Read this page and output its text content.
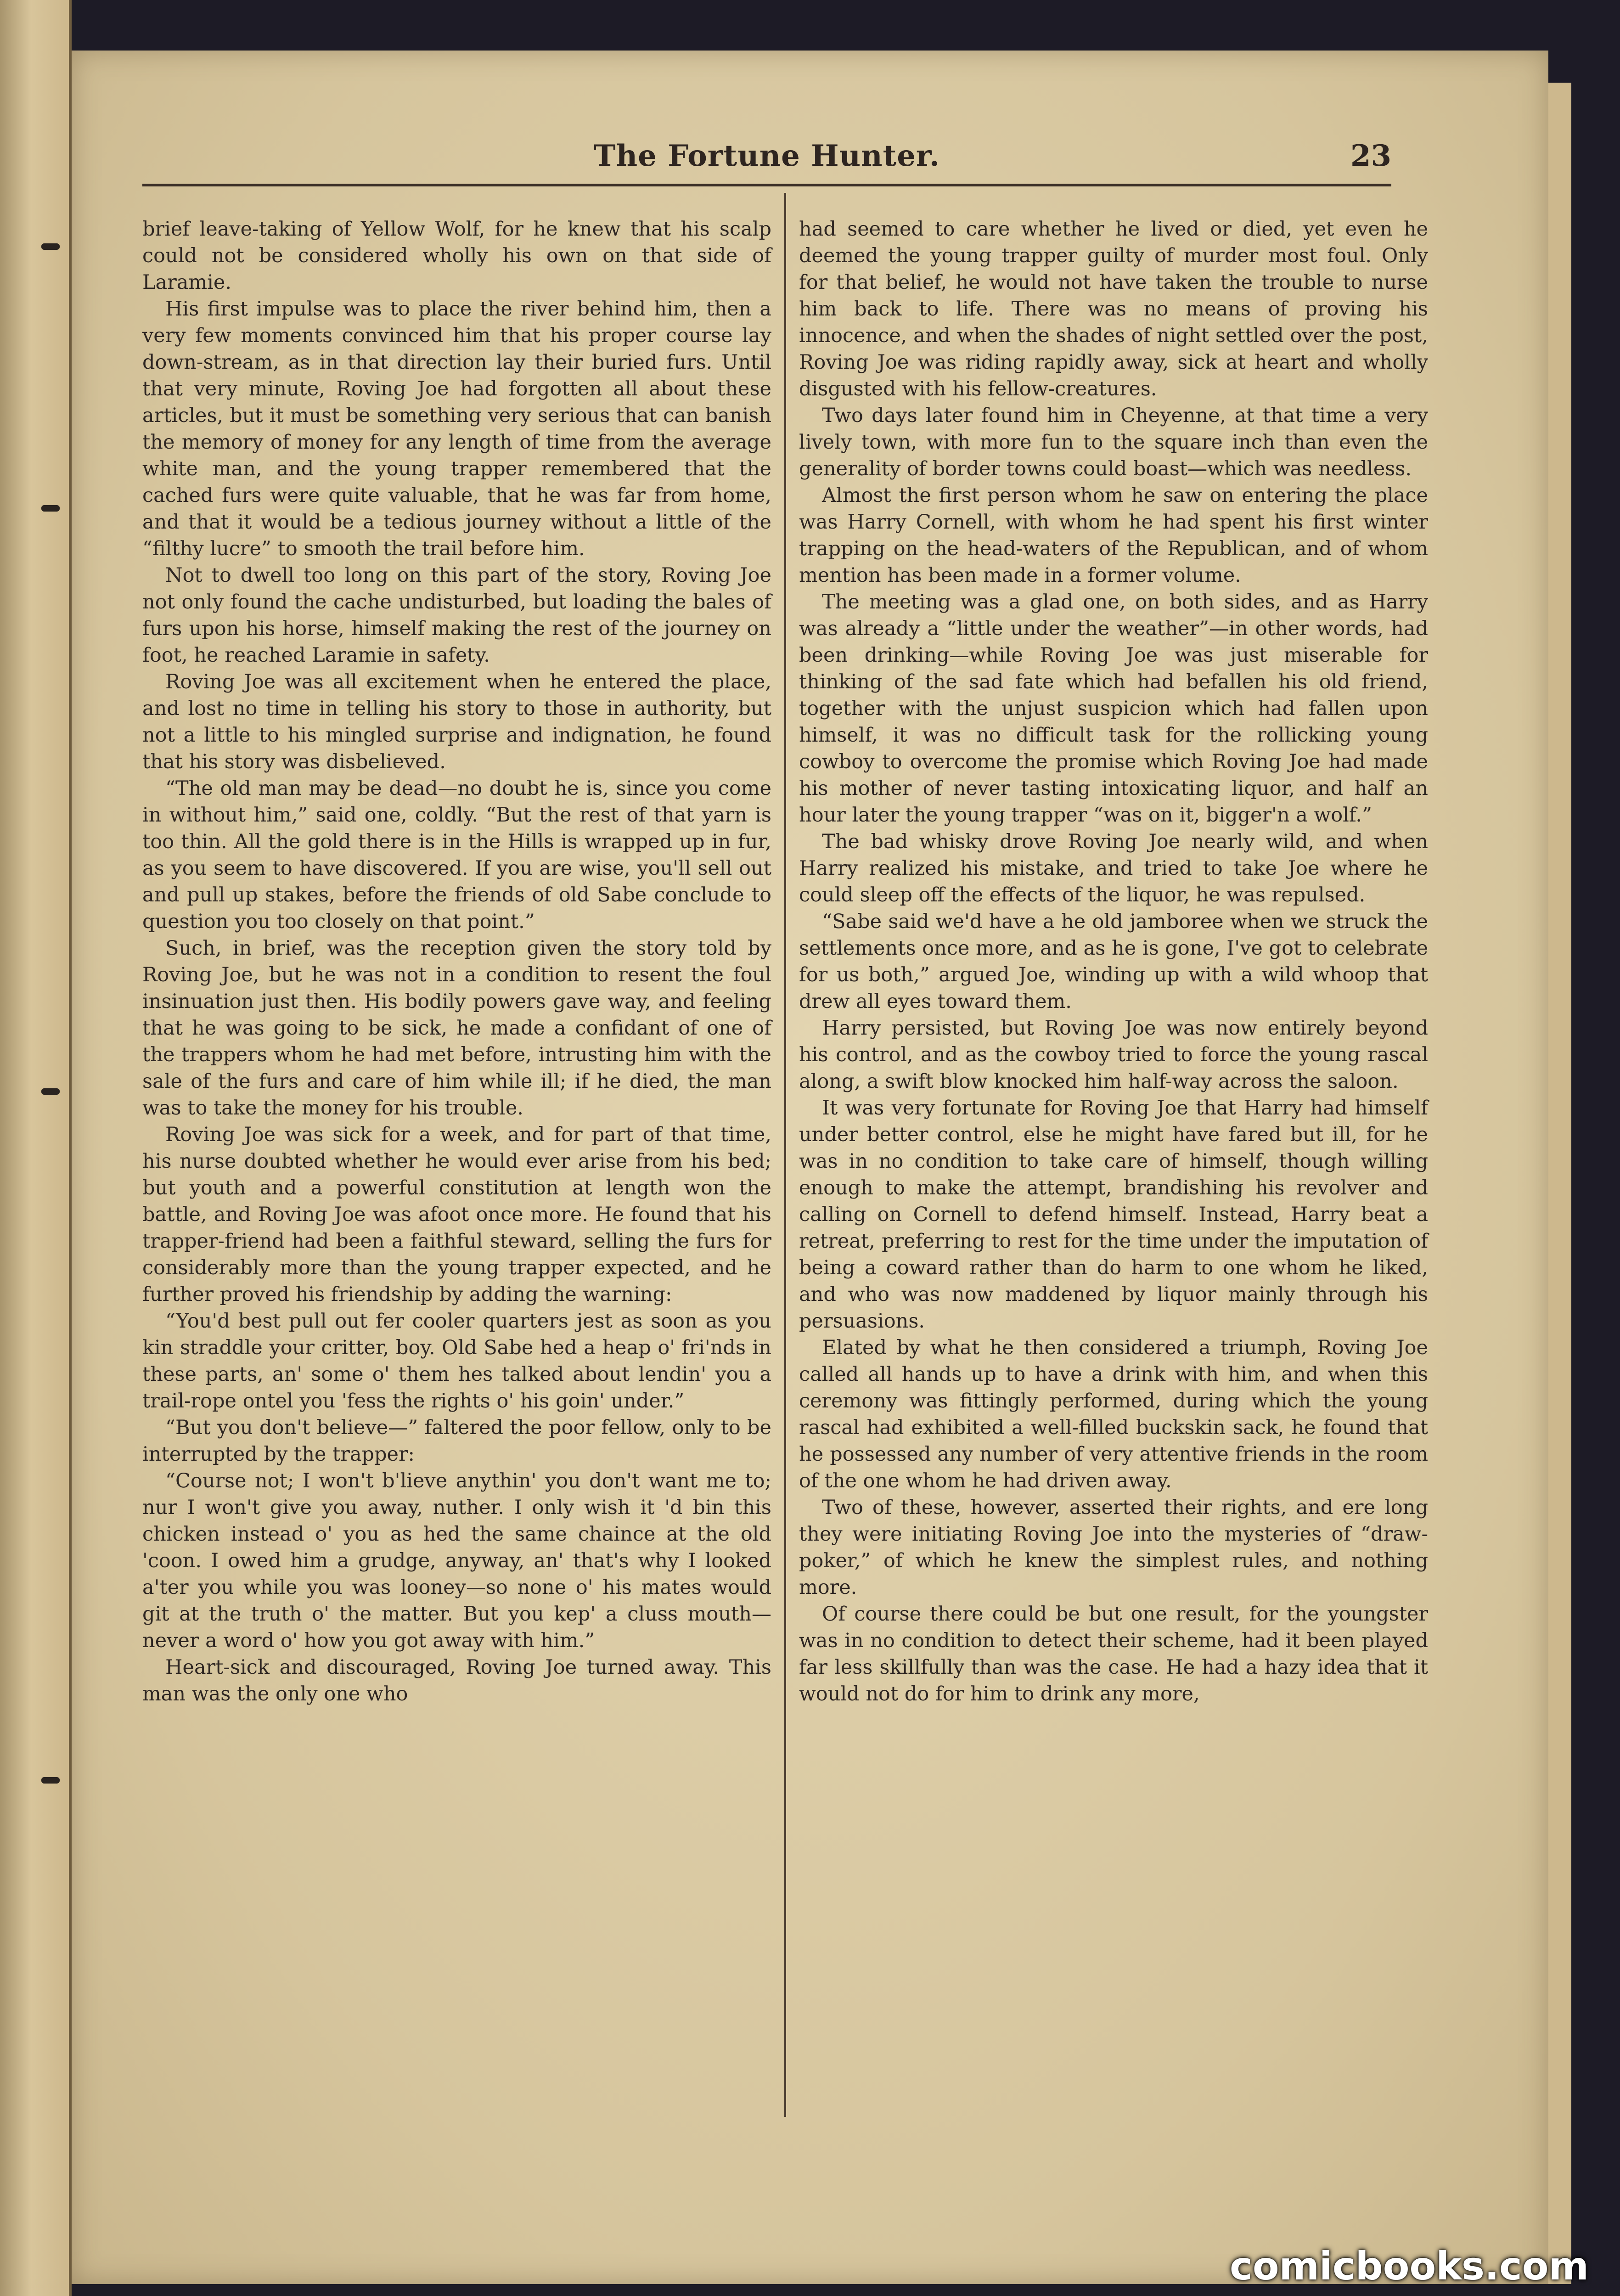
The Fortune Hunter.	23

brief leave-taking of Yellow Wolf, for he knew that his scalp could not be considered wholly his own on that side of Laramie.

His first impulse was to place the river behind him, then a very few moments convinced him that his proper course lay down-stream, as in that direction lay their buried furs. Until that very minute, Roving Joe had forgotten all about these articles, but it must be something very serious that can banish the memory of money for any length of time from the average white man, and the young trapper remembered that the cached furs were quite valuable, that he was far from home, and that it would be a tedious journey without a little of the “filthy lucre” to smooth the trail before him.

Not to dwell too long on this part of the story, Roving Joe not only found the cache undisturbed, but loading the bales of furs upon his horse, himself making the rest of the journey on foot, he reached Laramie in safety.

Roving Joe was all excitement when he entered the place, and lost no time in telling his story to those in authority, but not a little to his mingled surprise and indignation, he found that his story was disbelieved.

“The old man may be dead—no doubt he is, since you come in without him,” said one, coldly. “But the rest of that yarn is too thin. All the gold there is in the Hills is wrapped up in fur, as you seem to have discovered. If you are wise, you'll sell out and pull up stakes, before the friends of old Sabe conclude to question you too closely on that point.”

Such, in brief, was the reception given the story told by Roving Joe, but he was not in a condition to resent the foul insinuation just then. His bodily powers gave way, and feeling that he was going to be sick, he made a confidant of one of the trappers whom he had met before, intrusting him with the sale of the furs and care of him while ill; if he died, the man was to take the money for his trouble.

Roving Joe was sick for a week, and for part of that time, his nurse doubted whether he would ever arise from his bed; but youth and a powerful constitution at length won the battle, and Roving Joe was afoot once more. He found that his trapper-friend had been a faithful steward, selling the furs for considerably more than the young trapper expected, and he further proved his friendship by adding the warning:

“You'd best pull out fer cooler quarters jest as soon as you kin straddle your critter, boy. Old Sabe hed a heap o' fri'nds in these parts, an' some o' them hes talked about lendin' you a trail-rope ontel you 'fess the rights o' his goin' under.”

“But you don't believe—” faltered the poor fellow, only to be interrupted by the trapper:

“Course not; I won't b'lieve anythin' you don't want me to; nur I won't give you away, nuther. I only wish it 'd bin this chicken instead o' you as hed the same chaince at the old 'coon. I owed him a grudge, anyway, an' that's why I looked a'ter you while you was looney—so none o' his mates would git at the truth o' the matter. But you kep' a cluss mouth—never a word o' how you got away with him.”

Heart-sick and discouraged, Roving Joe turned away. This man was the only one who

had seemed to care whether he lived or died, yet even he deemed the young trapper guilty of murder most foul. Only for that belief, he would not have taken the trouble to nurse him back to life. There was no means of proving his innocence, and when the shades of night settled over the post, Roving Joe was riding rapidly away, sick at heart and wholly disgusted with his fellow-creatures.

Two days later found him in Cheyenne, at that time a very lively town, with more fun to the square inch than even the generality of border towns could boast—which was needless.

Almost the first person whom he saw on entering the place was Harry Cornell, with whom he had spent his first winter trapping on the head-waters of the Republican, and of whom mention has been made in a former volume.

The meeting was a glad one, on both sides, and as Harry was already a “little under the weather”—in other words, had been drinking—while Roving Joe was just miserable for thinking of the sad fate which had befallen his old friend, together with the unjust suspicion which had fallen upon himself, it was no difficult task for the rollicking young cowboy to overcome the promise which Roving Joe had made his mother of never tasting intoxicating liquor, and half an hour later the young trapper “was on it, bigger'n a wolf.”

The bad whisky drove Roving Joe nearly wild, and when Harry realized his mistake, and tried to take Joe where he could sleep off the effects of the liquor, he was repulsed.

“Sabe said we'd have a he old jamboree when we struck the settlements once more, and as he is gone, I've got to celebrate for us both,” argued Joe, winding up with a wild whoop that drew all eyes toward them.

Harry persisted, but Roving Joe was now entirely beyond his control, and as the cowboy tried to force the young rascal along, a swift blow knocked him half-way across the saloon.

It was very fortunate for Roving Joe that Harry had himself under better control, else he might have fared but ill, for he was in no condition to take care of himself, though willing enough to make the attempt, brandishing his revolver and calling on Cornell to defend himself. Instead, Harry beat a retreat, preferring to rest for the time under the imputation of being a coward rather than do harm to one whom he liked, and who was now maddened by liquor mainly through his persuasions.

Elated by what he then considered a triumph, Roving Joe called all hands up to have a drink with him, and when this ceremony was fittingly performed, during which the young rascal had exhibited a well-filled buckskin sack, he found that he possessed any number of very attentive friends in the room of the one whom he had driven away.

Two of these, however, asserted their rights, and ere long they were initiating Roving Joe into the mysteries of “draw-poker,” of which he knew the simplest rules, and nothing more.

Of course there could be but one result, for the youngster was in no condition to detect their scheme, had it been played far less skillfully than was the case. He had a hazy idea that it would not do for him to drink any more,

comicbooks.com
